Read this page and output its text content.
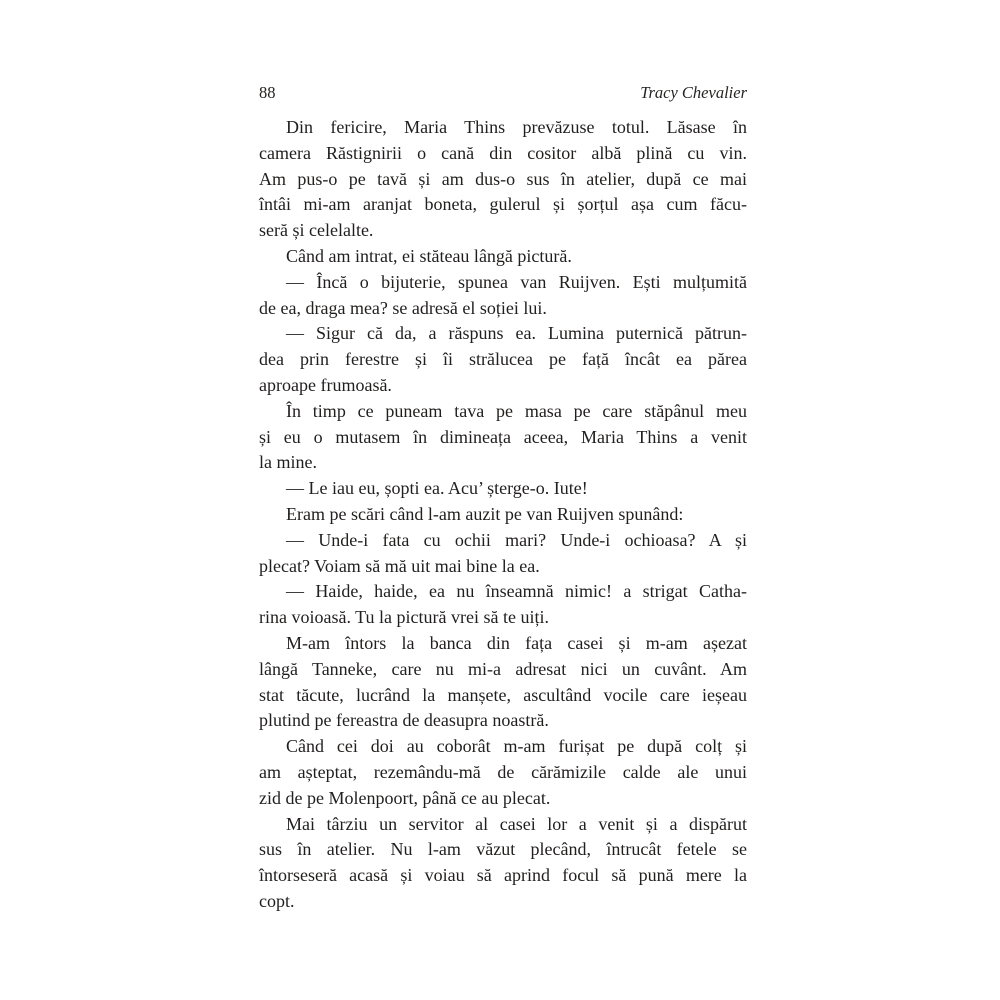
88	Tracy Chevalier
Din fericire, Maria Thins prevăzuse totul. Lăsase în
camera Răstignirii o cană din cositor albă plină cu vin.
Am pus-o pe tavă și am dus-o sus în atelier, după ce mai
întâi mi-am aranjat boneta, gulerul și șorțul așa cum făcu-
seră și celelalte.
Când am intrat, ei stăteau lângă pictură.
— Încă o bijuterie, spunea van Ruijven. Ești mulțumită
de ea, draga mea? se adresă el soției lui.
— Sigur că da, a răspuns ea. Lumina puternică pătrun-
dea prin ferestre și îi strălucea pe față încât ea părea
aproape frumoasă.
În timp ce puneam tava pe masa pe care stăpânul meu
și eu o mutasem în dimineața aceea, Maria Thins a venit
la mine.
— Le iau eu, șopti ea. Acu’ șterge-o. Iute!
Eram pe scări când l-am auzit pe van Ruijven spunând:
— Unde-i fata cu ochii mari? Unde-i ochioasa? A și
plecat? Voiam să mă uit mai bine la ea.
— Haide, haide, ea nu înseamnă nimic! a strigat Catha-
rina voioasă. Tu la pictură vrei să te uiți.
M-am întors la banca din fața casei și m-am așezat
lângă Tanneke, care nu mi-a adresat nici un cuvânt. Am
stat tăcute, lucrând la manșete, ascultând vocile care ieșeau
plutind pe fereastra de deasupra noastră.
Când cei doi au coborât m-am furișat pe după colț și
am așteptat, rezemându-mă de cărămizile calde ale unui
zid de pe Molenpoort, până ce au plecat.
Mai târziu un servitor al casei lor a venit și a dispărut
sus în atelier. Nu l-am văzut plecând, întrucât fetele se
întorseseră acasă și voiau să aprind focul să pună mere la
copt.
